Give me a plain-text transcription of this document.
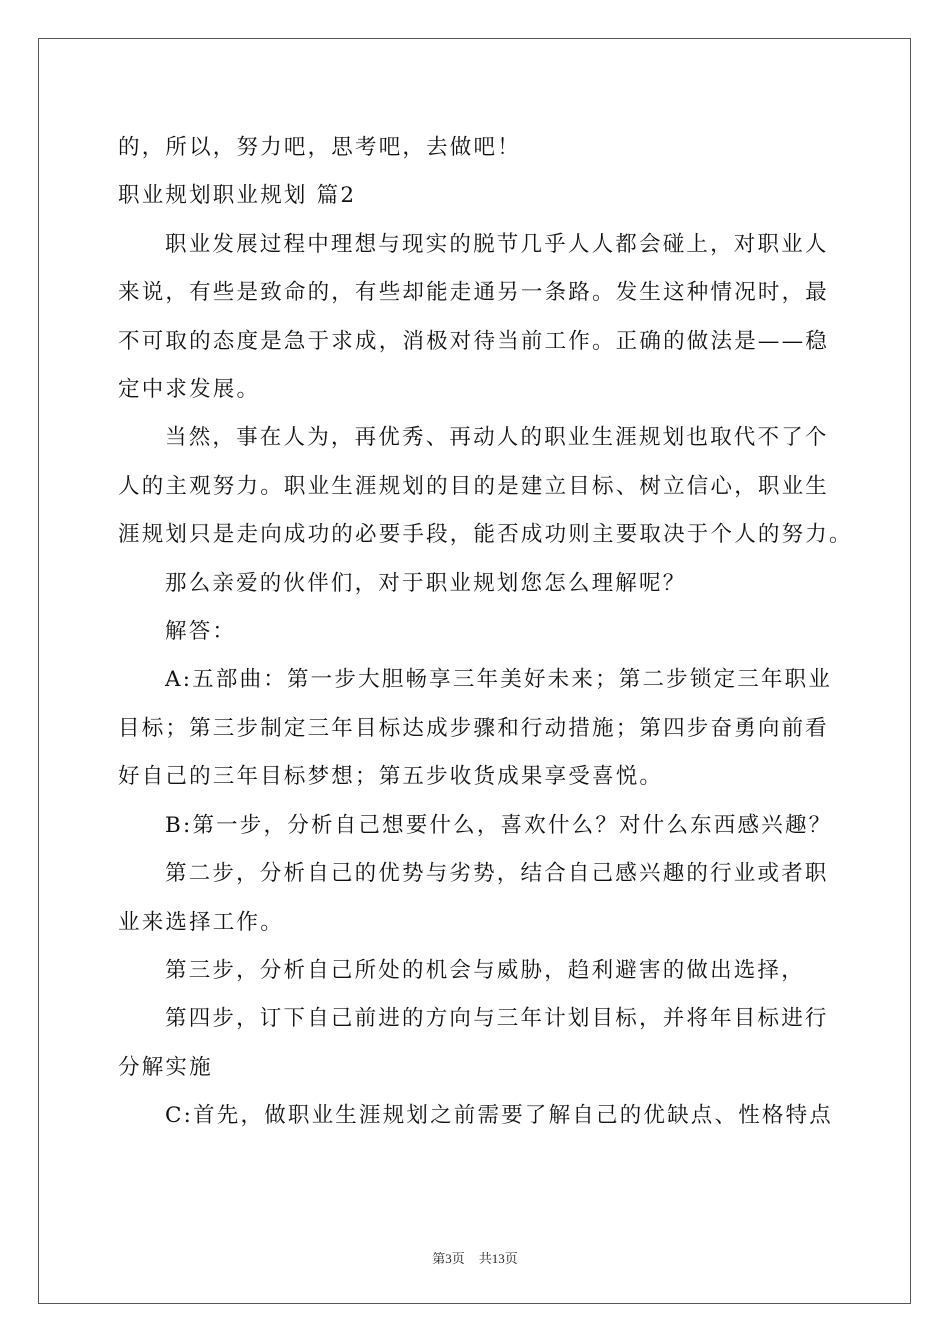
的，所以，努力吧，思考吧，去做吧！

职业规划职业规划 篇2

职业发展过程中理想与现实的脱节几乎人人都会碰上，对职业人

来说，有些是致命的，有些却能走通另一条路。发生这种情况时，最

不可取的态度是急于求成，消极对待当前工作。正确的做法是——稳

定中求发展。

当然，事在人为，再优秀、再动人的职业生涯规划也取代不了个

人的主观努力。职业生涯规划的目的是建立目标、树立信心，职业生

涯规划只是走向成功的必要手段，能否成功则主要取决于个人的努力。

那么亲爱的伙伴们，对于职业规划您怎么理解呢？

解答：

A:五部曲：第一步大胆畅享三年美好未来；第二步锁定三年职业

目标；第三步制定三年目标达成步骤和行动措施；第四步奋勇向前看

好自己的三年目标梦想；第五步收货成果享受喜悦。

B:第一步，分析自己想要什么，喜欢什么？对什么东西感兴趣？

第二步，分析自己的优势与劣势，结合自己感兴趣的行业或者职

业来选择工作。

第三步，分析自己所处的机会与威胁，趋利避害的做出选择，

第四步，订下自己前进的方向与三年计划目标，并将年目标进行

分解实施

C:首先，做职业生涯规划之前需要了解自己的优缺点、性格特点

第3页 共13页
